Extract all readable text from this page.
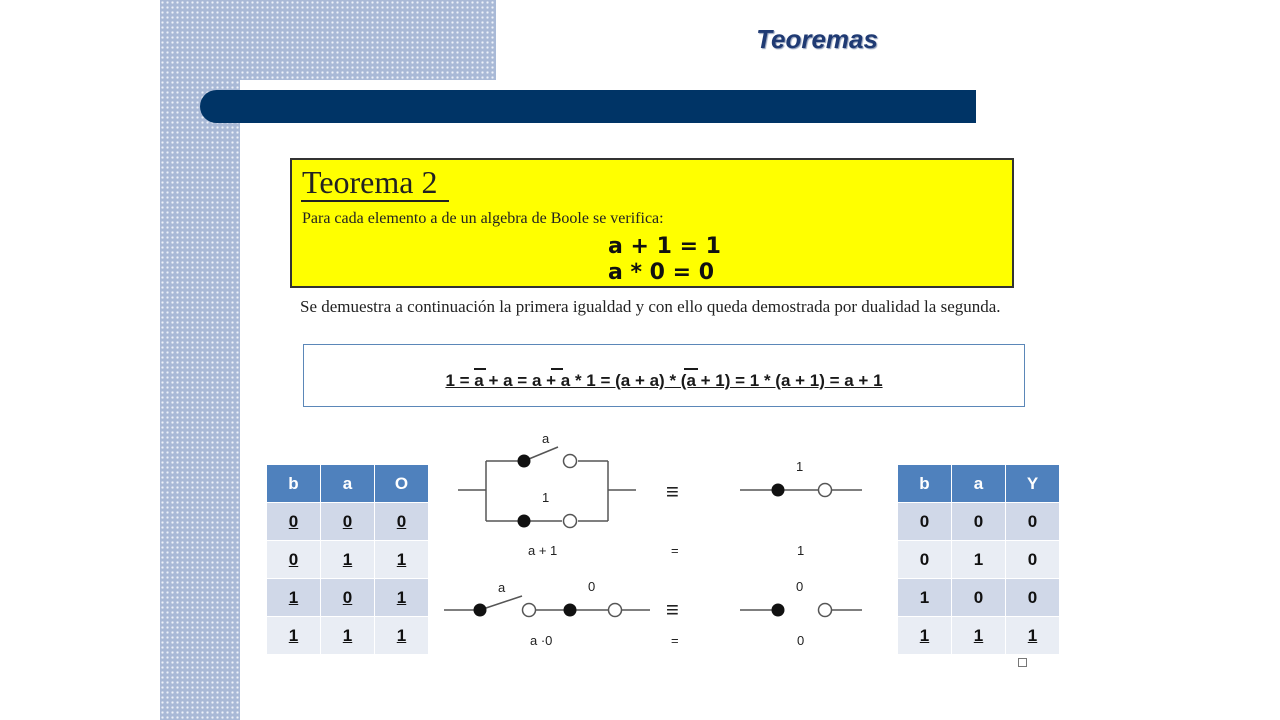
Teoremas
Teorema 2
Para cada elemento a de un algebra de Boole se verifica:
a + 1 = 1
a * 0 = 0
Se demuestra a continuación la primera igualdad y con ello queda demostrada por dualidad la segunda.
1 = a + a = a + a * 1 = (a + a) * (a + 1) = 1 * (a + 1) = a + 1
b	a	O
0	0	0
0	1	1
1	0	1
1	1	1
b	a	Y
0	0	0
0	1	0
1	0	0
1	1	1
a
1
a + 1
≡
=
1
1
a	0
a ·0
≡
=
0
0
